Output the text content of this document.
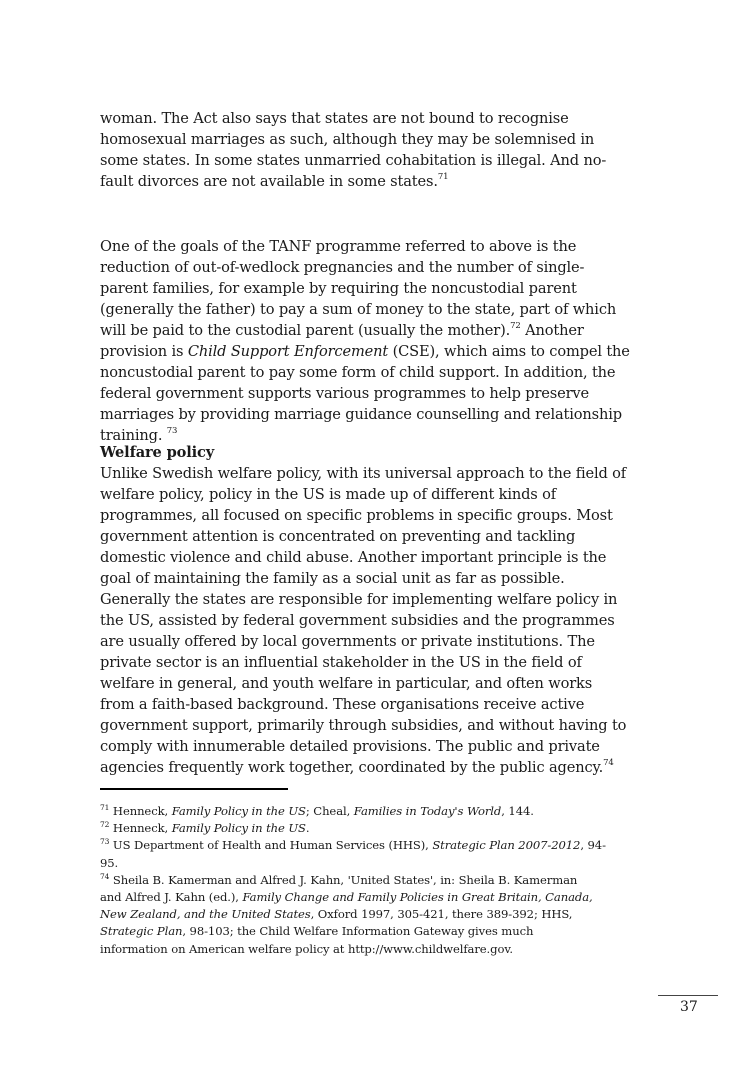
woman. The Act also says that states are not bound to recognise
homosexual marriages as such, although they may be solemnised in
some states. In some states unmarried cohabitation is illegal. And no-
fault divorces are not available in some states.$^{71}$
One of the goals of the TANF programme referred to above is the
reduction of out-of-wedlock pregnancies and the number of single-
parent families, for example by requiring the noncustodial parent
(generally the father) to pay a sum of money to the state, part of which
will be paid to the custodial parent (usually the mother).$^{72}$ Another
provision is Child Support Enforcement (CSE), which aims to compel the
noncustodial parent to pay some form of child support. In addition, the
federal government supports various programmes to help preserve
marriages by providing marriage guidance counselling and relationship
training. $^{73}$
Welfare policy
Unlike Swedish welfare policy, with its universal approach to the field of
welfare policy, policy in the US is made up of different kinds of
programmes, all focused on specific problems in specific groups. Most
government attention is concentrated on preventing and tackling
domestic violence and child abuse. Another important principle is the
goal of maintaining the family as a social unit as far as possible.
Generally the states are responsible for implementing welfare policy in
the US, assisted by federal government subsidies and the programmes
are usually offered by local governments or private institutions. The
private sector is an influential stakeholder in the US in the field of
welfare in general, and youth welfare in particular, and often works
from a faith-based background. These organisations receive active
government support, primarily through subsidies, and without having to
comply with innumerable detailed provisions. The public and private
agencies frequently work together, coordinated by the public agency.$^{74}$
$^{71}$ Henneck, Family Policy in the US; Cheal, Families in Today's World, 144.
$^{72}$ Henneck, Family Policy in the US.
$^{73}$ US Department of Health and Human Services (HHS), Strategic Plan 2007-2012, 94-
95.
$^{74}$ Sheila B. Kamerman and Alfred J. Kahn, 'United States', in: Sheila B. Kamerman
and Alfred J. Kahn (ed.), Family Change and Family Policies in Great Britain, Canada,
New Zealand, and the United States, Oxford 1997, 305-421, there 389-392; HHS,
Strategic Plan, 98-103; the Child Welfare Information Gateway gives much
information on American welfare policy at http://www.childwelfare.gov.
37
